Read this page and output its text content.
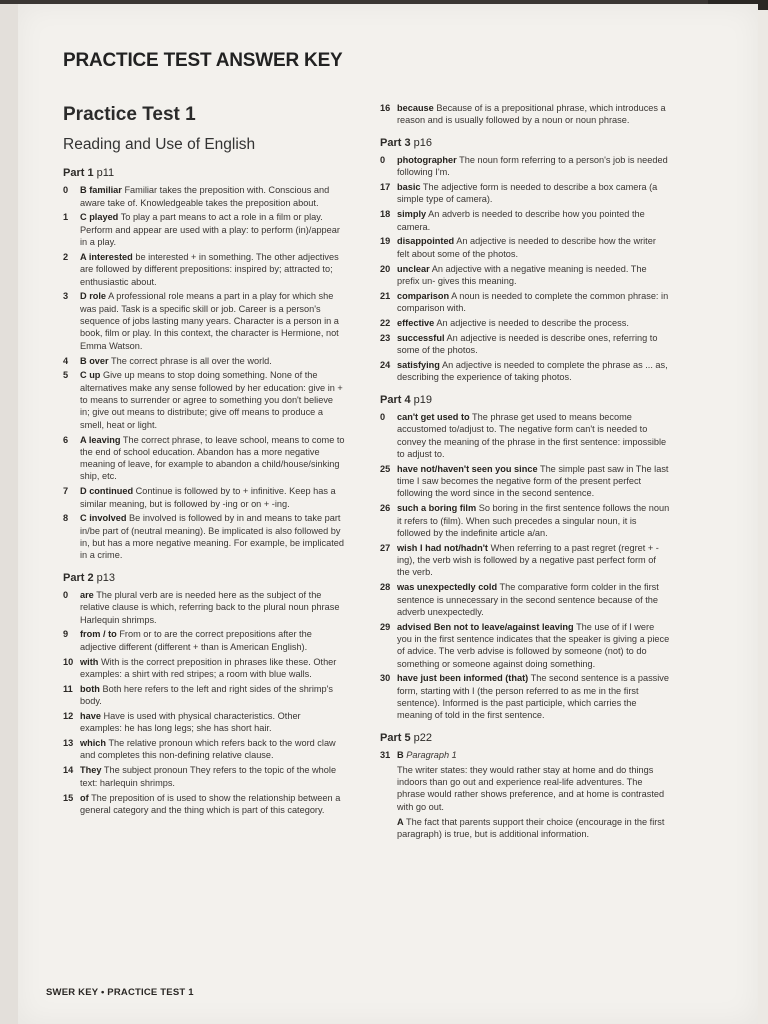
PRACTICE TEST ANSWER KEY
Practice Test 1
Reading and Use of English
Part 1 p11
0	B familiar Familiar takes the preposition with. Conscious and aware take of. Knowledgeable takes the preposition about.
1	C played To play a part means to act a role in a film or play. Perform and appear are used with a play: to perform (in)/appear in a play.
2	A interested be interested + in something. The other adjectives are followed by different prepositions: inspired by; attracted to; enthusiastic about.
3	D role A professional role means a part in a play for which she was paid. Task is a specific skill or job. Career is a person's sequence of jobs lasting many years. Character is a person in a book, film or play. In this context, the character is Hermione, not Emma Watson.
4	B over The correct phrase is all over the world.
5	C up Give up means to stop doing something. None of the alternatives make any sense followed by her education: give in + to means to surrender or agree to something you don't believe in; give out means to distribute; give off means to produce a smell, heat or light.
6	A leaving The correct phrase, to leave school, means to come to the end of school education. Abandon has a more negative meaning of leave, for example to abandon a child/house/sinking ship, etc.
7	D continued Continue is followed by to + infinitive. Keep has a similar meaning, but is followed by -ing or on + -ing.
8	C involved Be involved is followed by in and means to take part in/be part of (neutral meaning). Be implicated is also followed by in, but has a more negative meaning. For example, be implicated in a crime.
Part 2 p13
0	are The plural verb are is needed here as the subject of the relative clause is which, referring back to the plural noun phrase Harlequin shrimps.
9	from / to From or to are the correct prepositions after the adjective different (different + than is American English).
10 with With is the correct preposition in phrases like these. Other examples: a shirt with red stripes; a room with blue walls.
11 both Both here refers to the left and right sides of the shrimp's body.
12 have Have is used with physical characteristics. Other examples: he has long legs; she has short hair.
13 which The relative pronoun which refers back to the word claw and completes this non-defining relative clause.
14 They The subject pronoun They refers to the topic of the whole text: harlequin shrimps.
15 of The preposition of is used to show the relationship between a general category and the thing which is part of this category.
16 because Because of is a prepositional phrase, which introduces a reason and is usually followed by a noun or noun phrase.
Part 3 p16
0	photographer The noun form referring to a person's job is needed following I'm.
17 basic The adjective form is needed to describe a box camera (a simple type of camera).
18 simply An adverb is needed to describe how you pointed the camera.
19 disappointed An adjective is needed to describe how the writer felt about some of the photos.
20 unclear An adjective with a negative meaning is needed. The prefix un- gives this meaning.
21 comparison A noun is needed to complete the common phrase: in comparison with.
22 effective An adjective is needed to describe the process.
23 successful An adjective is needed is describe ones, referring to some of the photos.
24 satisfying An adjective is needed to complete the phrase as ... as, describing the experience of taking photos.
Part 4 p19
0	can't get used to The phrase get used to means become accustomed to/adjust to. The negative form can't is needed to convey the meaning of the phrase in the first sentence: impossible to adjust to.
25 have not/haven't seen you since The simple past saw in The last time I saw becomes the negative form of the present perfect following the word since in the second sentence.
26 such a boring film So boring in the first sentence follows the noun it refers to (film). When such precedes a singular noun, it is followed by the indefinite article a/an.
27 wish I had not/hadn't When referring to a past regret (regret + -ing), the verb wish is followed by a negative past perfect form of the verb.
28 was unexpectedly cold The comparative form colder in the first sentence is unnecessary in the second sentence because of the adverb unexpectedly.
29 advised Ben not to leave/against leaving The use of if I were you in the first sentence indicates that the speaker is giving a piece of advice. The verb advise is followed by someone (not) to do something or someone against doing something.
30 have just been informed (that) The second sentence is a passive form, starting with I (the person referred to as me in the first sentence). Informed is the past participle, which carries the meaning of told in the first sentence.
Part 5 p22
31 B Paragraph 1
The writer states: they would rather stay at home and do things indoors than go out and experience real-life adventures. The phrase would rather shows preference, and at home is contrasted with go out.
A The fact that parents support their choice (encourage in the first paragraph) is true, but is additional information.
SWER KEY • PRACTICE TEST 1
